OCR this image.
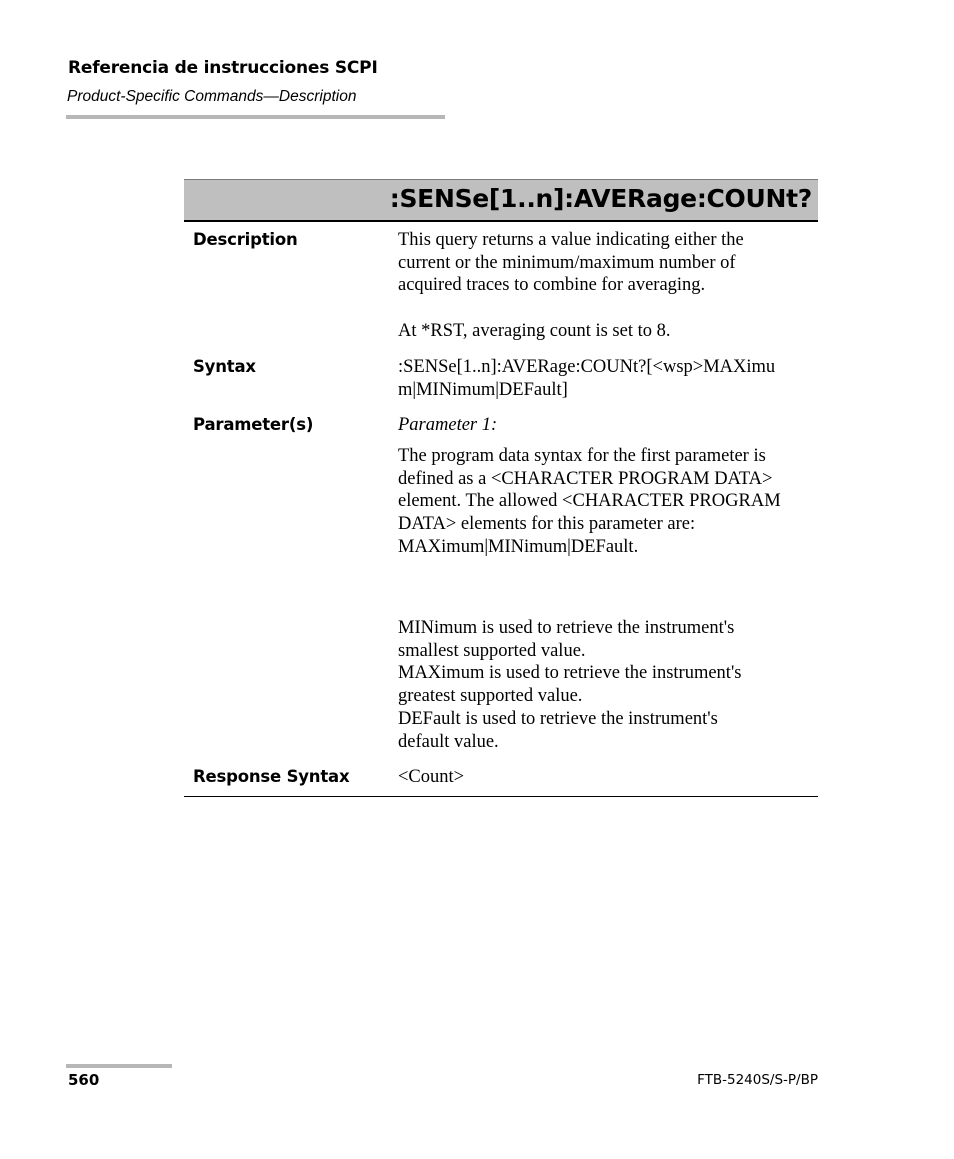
Referencia de instrucciones SCPI
Product-Specific Commands—Description
:SENSe[1..n]:AVERage:COUNt?
Description	This query returns a value indicating either the
current or the minimum/maximum number of
acquired traces to combine for averaging.
At *RST, averaging count is set to 8.
Syntax	:SENSe[1..n]:AVERage:COUNt?[<wsp>MAXimu
m|MINimum|DEFault]
Parameter(s)	Parameter 1:
The program data syntax for the first parameter is
defined as a <CHARACTER PROGRAM DATA>
element. The allowed <CHARACTER PROGRAM
DATA> elements for this parameter are:
MAXimum|MINimum|DEFault.
MINimum is used to retrieve the instrument's
smallest supported value.
MAXimum is used to retrieve the instrument's
greatest supported value.
DEFault is used to retrieve the instrument's
default value.
Response Syntax	<Count>
560	FTB-5240S/S-P/BP
